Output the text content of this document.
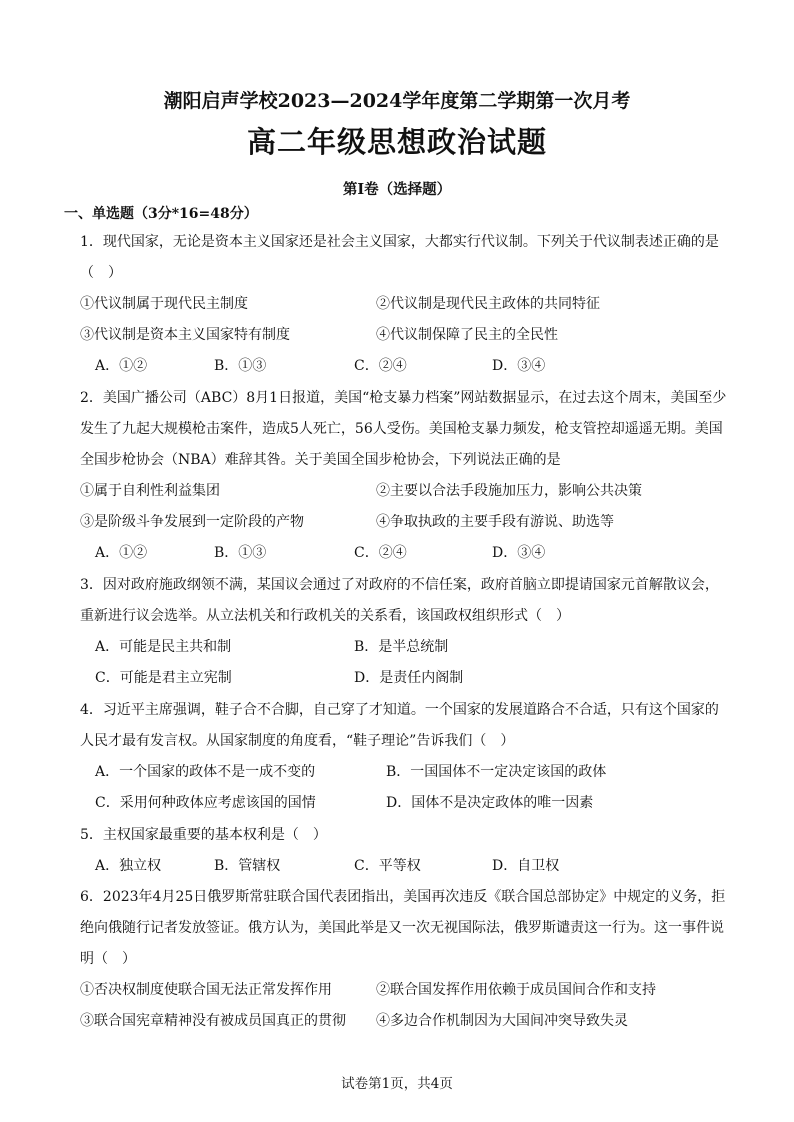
潮阳启声学校2023—2024学年度第二学期第一次月考
高二年级思想政治试题
第Ⅰ卷（选择题）
一、单选题（3分*16=48分）
1．现代国家，无论是资本主义国家还是社会主义国家，大都实行代议制。下列关于代议制表述正确的是
（　）
①代议制属于现代民主制度	②代议制是现代民主政体的共同特征
③代议制是资本主义国家特有制度	④代议制保障了民主的全民性
A．①②	B．①③	C．②④	D．③④
2．美国广播公司（ABC）8月1日报道，美国“枪支暴力档案”网站数据显示，在过去这个周末，美国至少
发生了九起大规模枪击案件，造成5人死亡，56人受伤。美国枪支暴力频发，枪支管控却遥遥无期。美国
全国步枪协会（NBA）难辞其咎。关于美国全国步枪协会，下列说法正确的是
①属于自利性利益集团	②主要以合法手段施加压力，影响公共决策
③是阶级斗争发展到一定阶段的产物	④争取执政的主要手段有游说、助选等
A．①②	B．①③	C．②④	D．③④
3．因对政府施政纲领不满，某国议会通过了对政府的不信任案，政府首脑立即提请国家元首解散议会，
重新进行议会选举。从立法机关和行政机关的关系看，该国政权组织形式（　）
A．可能是民主共和制	B．是半总统制
C．可能是君主立宪制	D．是责任内阁制
4．习近平主席强调，鞋子合不合脚，自己穿了才知道。一个国家的发展道路合不合适，只有这个国家的
人民才最有发言权。从国家制度的角度看，“鞋子理论”告诉我们（　）
A．一个国家的政体不是一成不变的	B．一国国体不一定决定该国的政体
C．采用何种政体应考虑该国的国情	D．国体不是决定政体的唯一因素
5．主权国家最重要的基本权利是（　）
A．独立权	B．管辖权	C．平等权	D．自卫权
6．2023年4月25日俄罗斯常驻联合国代表团指出，美国再次违反《联合国总部协定》中规定的义务，拒
绝向俄随行记者发放签证。俄方认为，美国此举是又一次无视国际法，俄罗斯谴责这一行为。这一事件说
明（　）
①否决权制度使联合国无法正常发挥作用	②联合国发挥作用依赖于成员国间合作和支持
③联合国宪章精神没有被成员国真正的贯彻 ④多边合作机制因为大国间冲突导致失灵
试卷第1页，共4页
